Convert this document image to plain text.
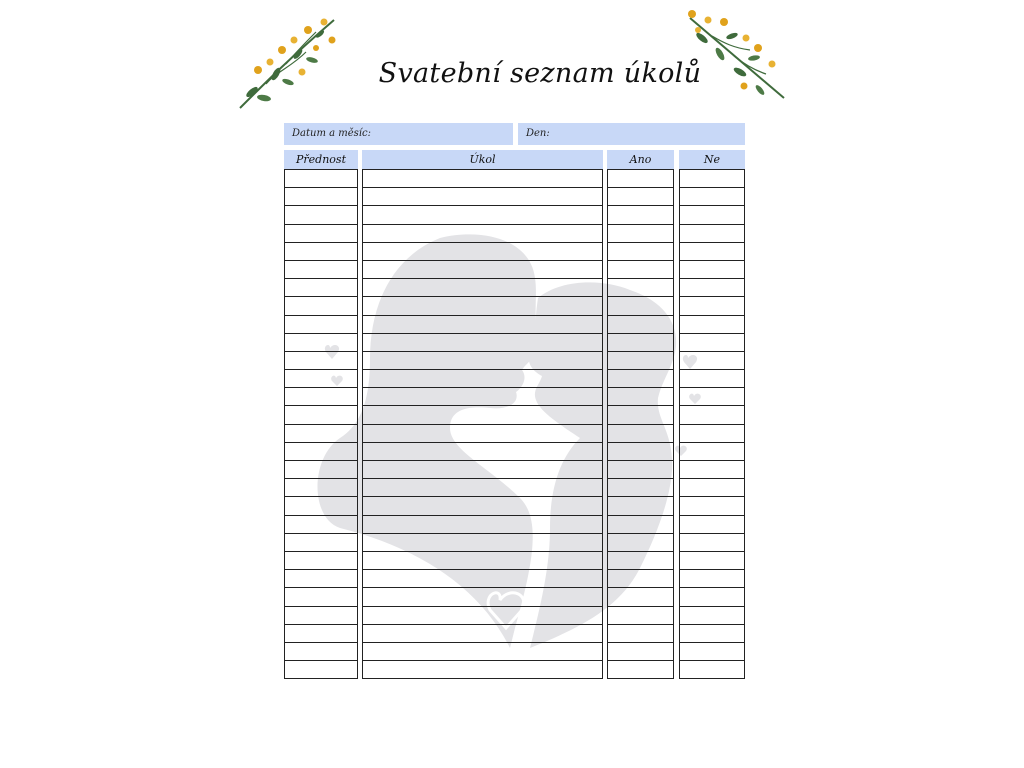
Svatební seznam úkolů
Datum a měsíc:	Den:
Přednost	Úkol	Ano	Ne
